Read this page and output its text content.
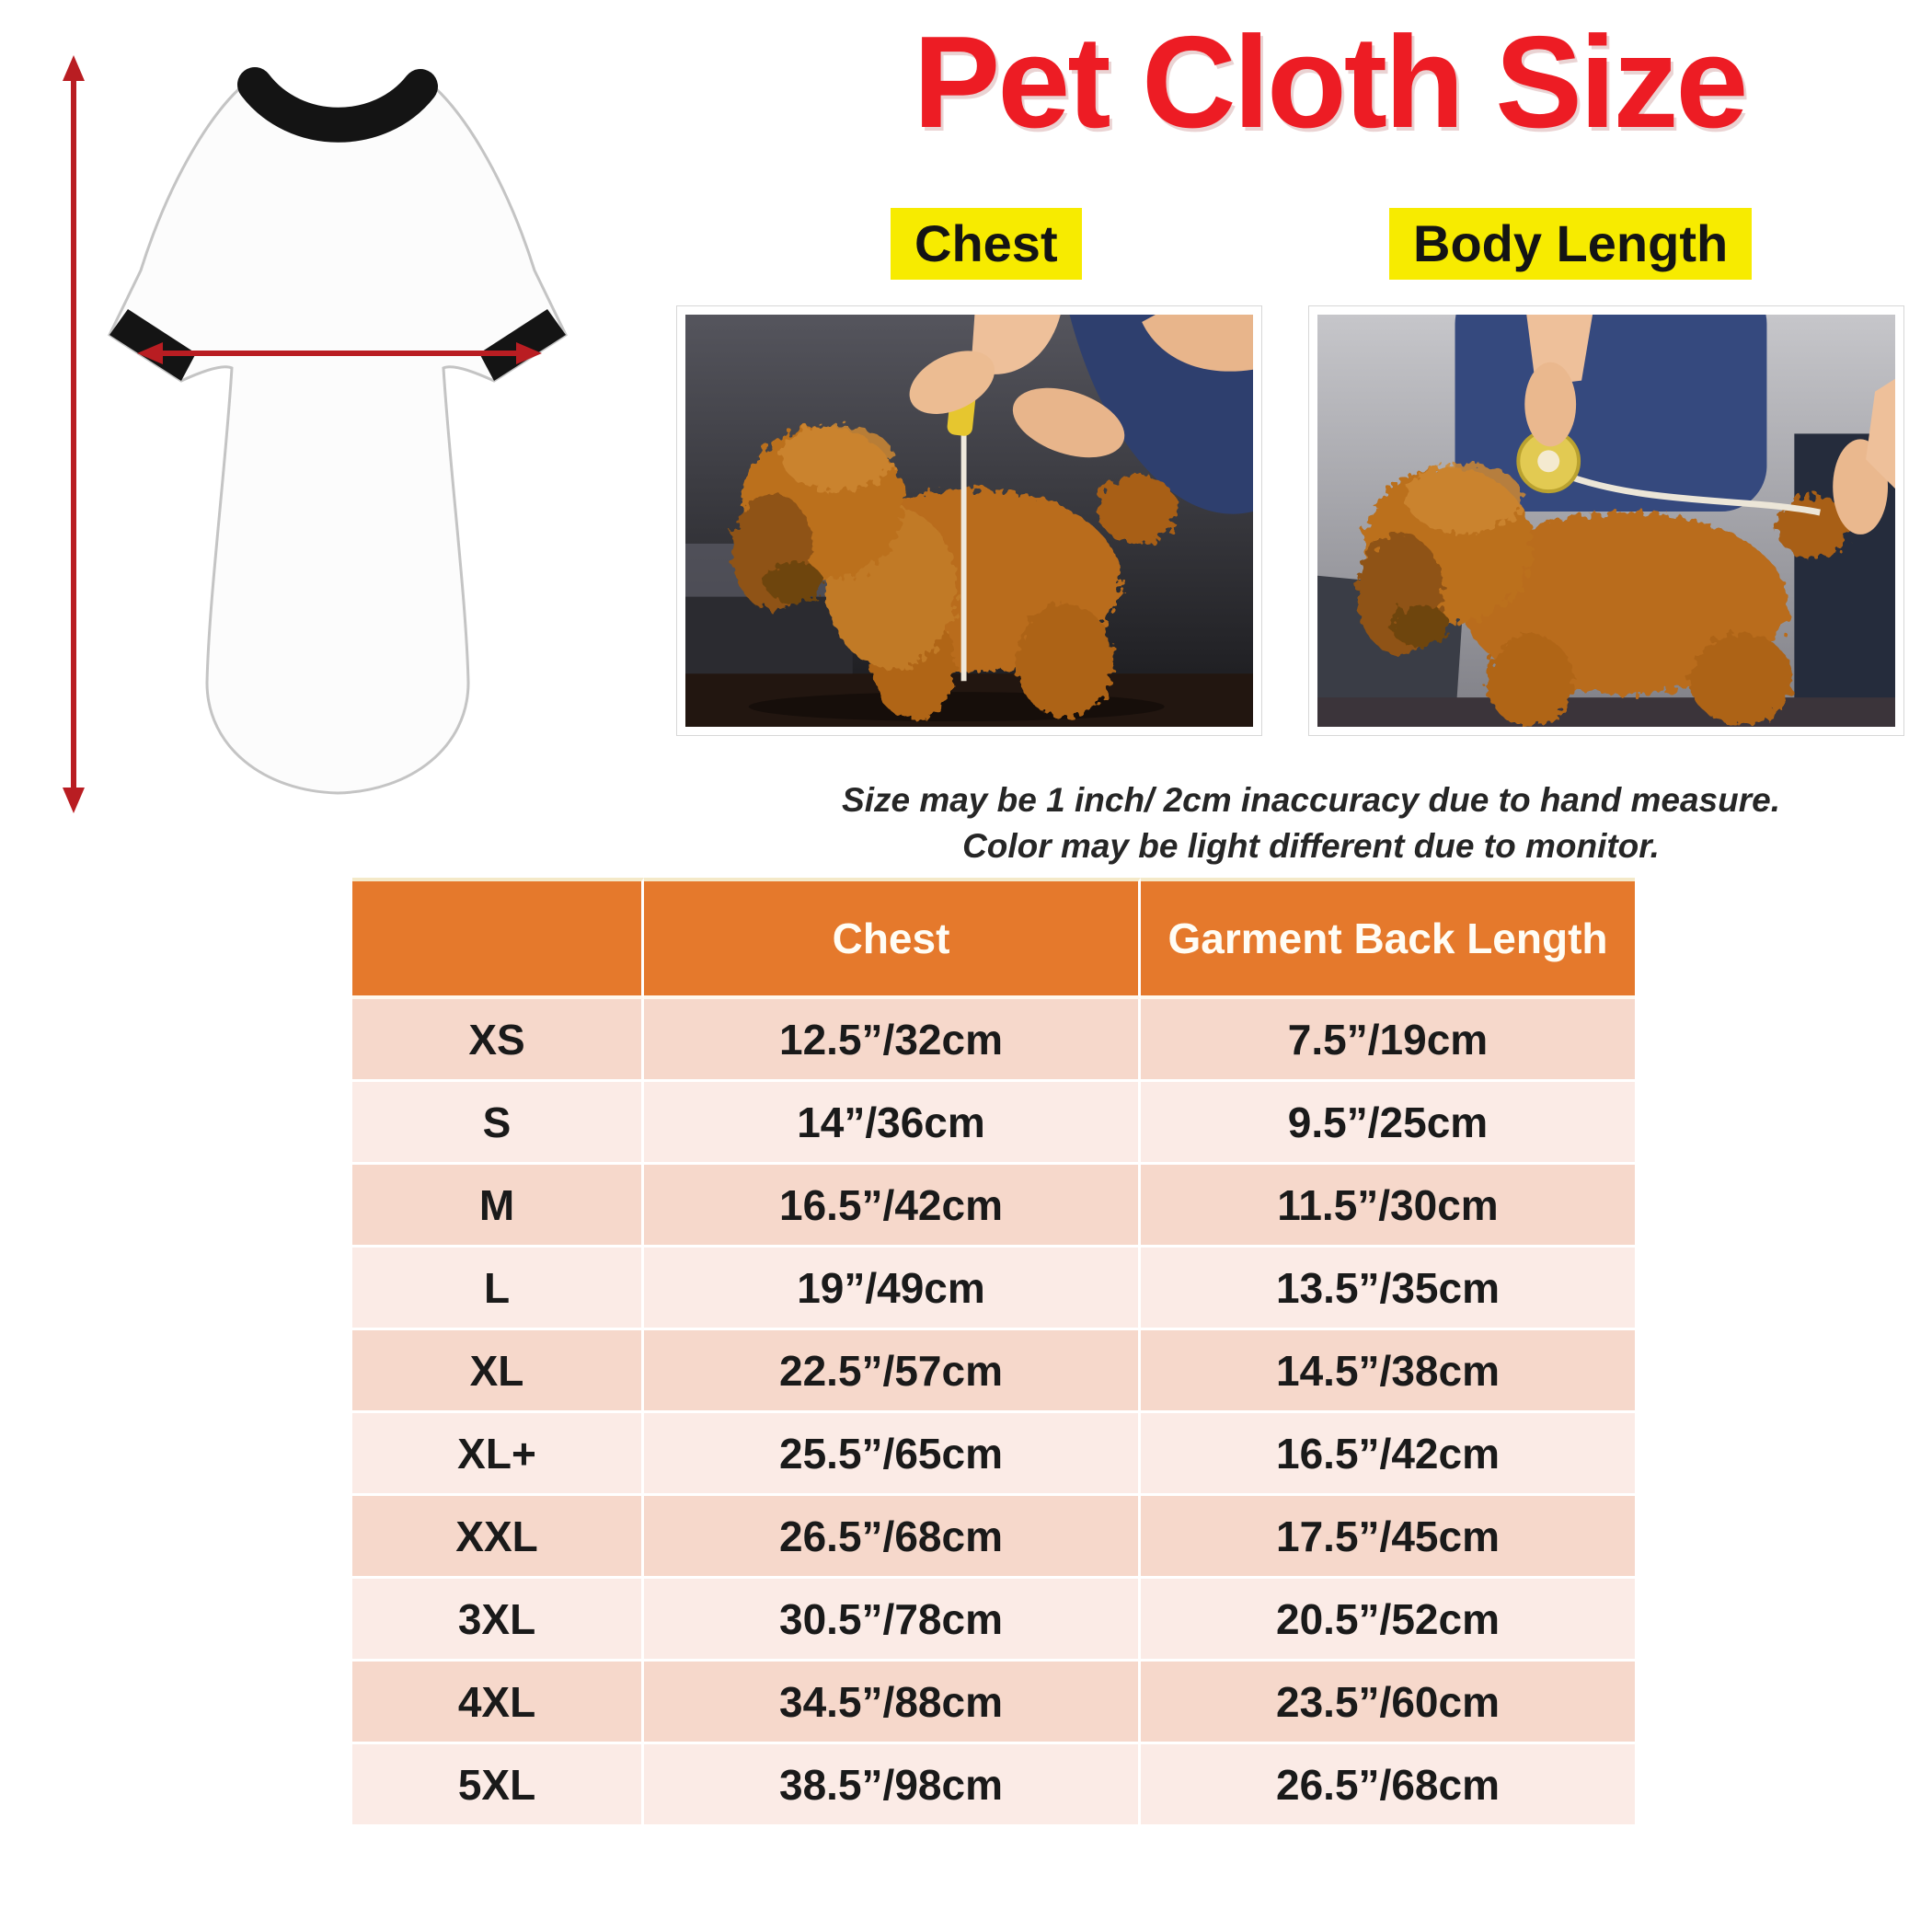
Pet Cloth Size
Chest	Body Length
Size may be 1 inch/ 2cm inaccuracy due to hand measure.
Color may be light different due to monitor.
	Chest	Garment Back Length
XS	12.5”/32cm	7.5”/19cm
S	14”/36cm	9.5”/25cm
M	16.5”/42cm	11.5”/30cm
L	19”/49cm	13.5”/35cm
XL	22.5”/57cm	14.5”/38cm
XL+	25.5”/65cm	16.5”/42cm
XXL	26.5”/68cm	17.5”/45cm
3XL	30.5”/78cm	20.5”/52cm
4XL	34.5”/88cm	23.5”/60cm
5XL	38.5”/98cm	26.5”/68cm
